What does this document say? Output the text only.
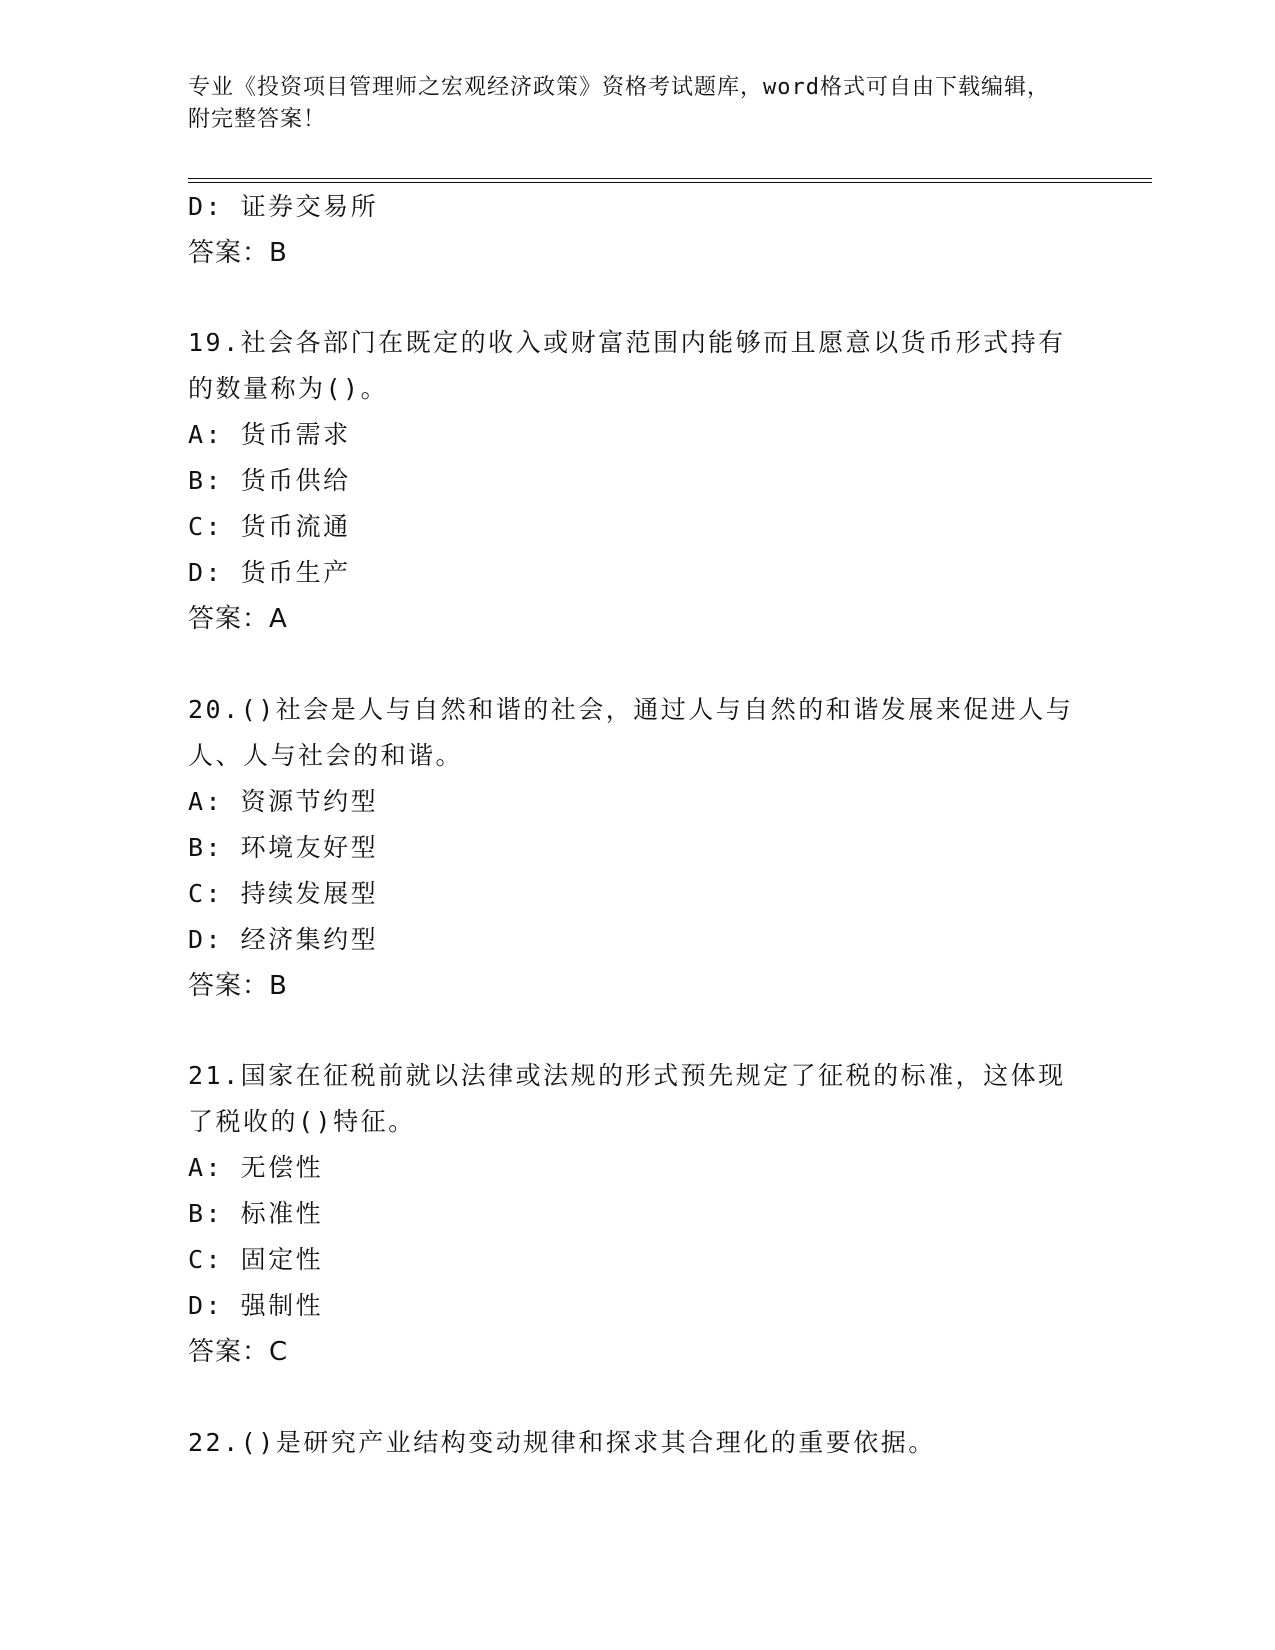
专业《投资项目管理师之宏观经济政策》资格考试题库，word格式可自由下载编辑，附完整答案！
D: 证券交易所
答案：B
19.社会各部门在既定的收入或财富范围内能够而且愿意以货币形式持有的数量称为()。
A: 货币需求
B: 货币供给
C: 货币流通
D: 货币生产
答案：A
20.()社会是人与自然和谐的社会，通过人与自然的和谐发展来促进人与人、人与社会的和谐。
A: 资源节约型
B: 环境友好型
C: 持续发展型
D: 经济集约型
答案：B
21.国家在征税前就以法律或法规的形式预先规定了征税的标准，这体现了税收的()特征。
A: 无偿性
B: 标准性
C: 固定性
D: 强制性
答案：C
22.()是研究产业结构变动规律和探求其合理化的重要依据。
